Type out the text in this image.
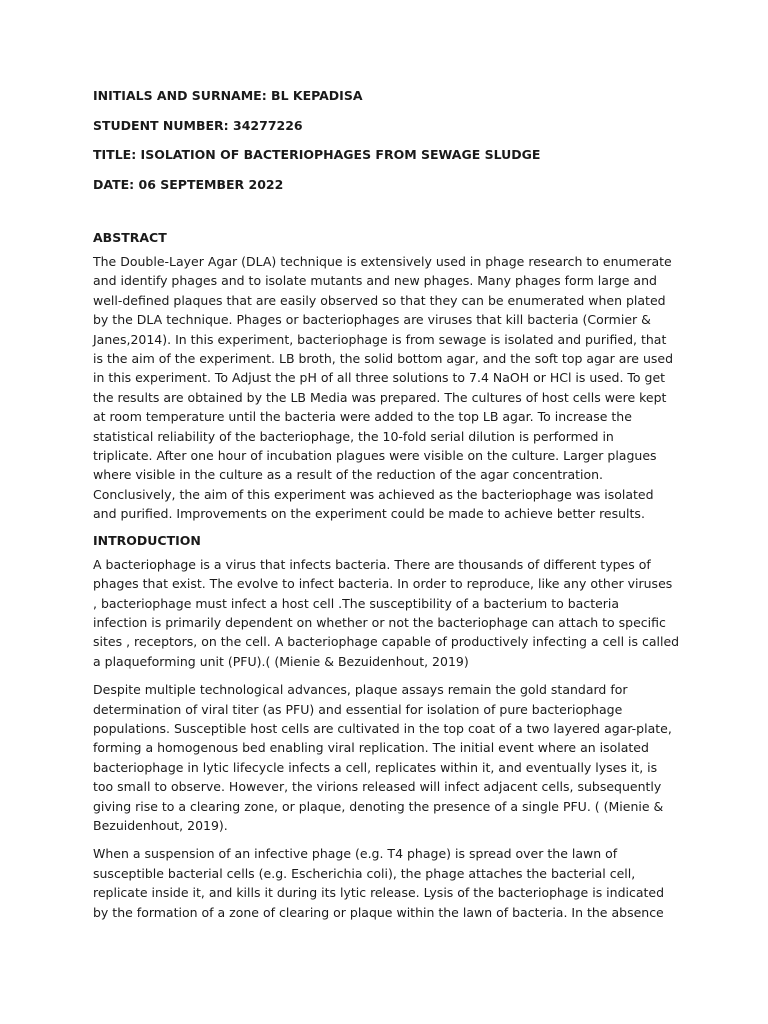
INITIALS AND SURNAME: BL KEPADISA
STUDENT NUMBER: 34277226
TITLE: ISOLATION OF BACTERIOPHAGES FROM SEWAGE SLUDGE
DATE: 06 SEPTEMBER 2022
ABSTRACT
The Double-Layer Agar (DLA) technique is extensively used in phage research to enumerate
and identify phages and to isolate mutants and new phages. Many phages form large and
well-defined plaques that are easily observed so that they can be enumerated when plated
by the DLA technique. Phages or bacteriophages are viruses that kill bacteria (Cormier &
Janes,2014). In this experiment, bacteriophage is from sewage is isolated and purified, that
is the aim of the experiment. LB broth, the solid bottom agar, and the soft top agar are used
in this experiment. To Adjust the pH of all three solutions to 7.4 NaOH or HCl is used. To get
the results are obtained by the LB Media was prepared. The cultures of host cells were kept
at room temperature until the bacteria were added to the top LB agar. To increase the
statistical reliability of the bacteriophage, the 10-fold serial dilution is performed in
triplicate. After one hour of incubation plagues were visible on the culture. Larger plagues
where visible in the culture as a result of the reduction of the agar concentration.
Conclusively, the aim of this experiment was achieved as the bacteriophage was isolated
and purified. Improvements on the experiment could be made to achieve better results.
INTRODUCTION
A bacteriophage is a virus that infects bacteria. There are thousands of different types of
phages that exist. The evolve to infect bacteria. In order to reproduce, like any other viruses
, bacteriophage must infect a host cell .The susceptibility of a bacterium to bacteria
infection is primarily dependent on whether or not the bacteriophage can attach to specific
sites , receptors, on the cell. A bacteriophage capable of productively infecting a cell is called
a plaqueforming unit (PFU).( (Mienie & Bezuidenhout, 2019)
Despite multiple technological advances, plaque assays remain the gold standard for
determination of viral titer (as PFU) and essential for isolation of pure bacteriophage
populations. Susceptible host cells are cultivated in the top coat of a two layered agar-plate,
forming a homogenous bed enabling viral replication. The initial event where an isolated
bacteriophage in lytic lifecycle infects a cell, replicates within it, and eventually lyses it, is
too small to observe. However, the virions released will infect adjacent cells, subsequently
giving rise to a clearing zone, or plaque, denoting the presence of a single PFU. ( (Mienie &
Bezuidenhout, 2019).
When a suspension of an infective phage (e.g. T4 phage) is spread over the lawn of
susceptible bacterial cells (e.g. Escherichia coli), the phage attaches the bacterial cell,
replicate inside it, and kills it during its lytic release. Lysis of the bacteriophage is indicated
by the formation of a zone of clearing or plaque within the lawn of bacteria. In the absence
